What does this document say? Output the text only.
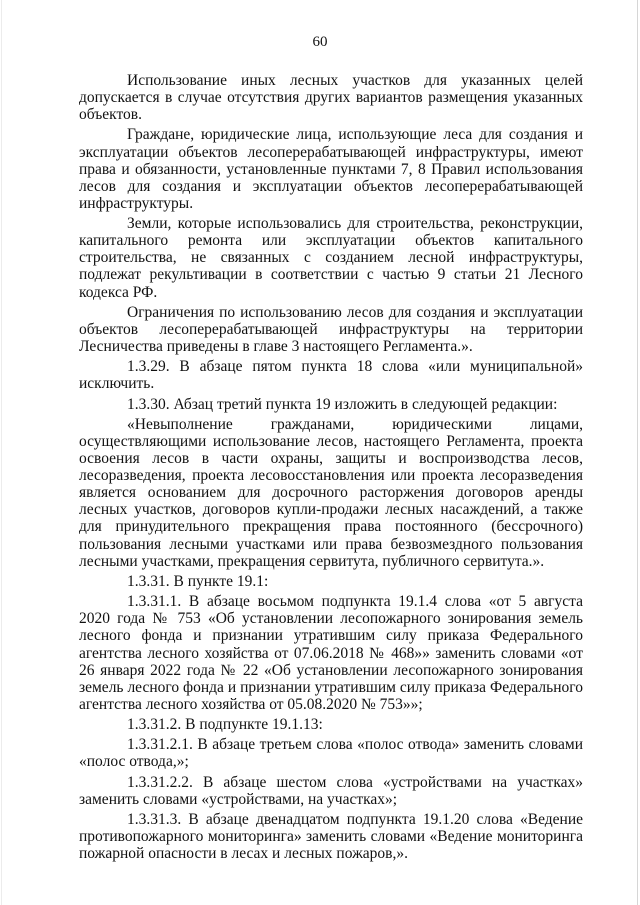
60

Использование иных лесных участков для указанных целей допускается в случае отсутствия других вариантов размещения указанных объектов.

Граждане, юридические лица, использующие леса для создания и эксплуатации объектов лесоперерабатывающей инфраструктуры, имеют права и обязанности, установленные пунктами 7, 8 Правил использования лесов для создания и эксплуатации объектов лесоперерабатывающей инфраструктуры.

Земли, которые использовались для строительства, реконструкции, капитального ремонта или эксплуатации объектов капитального строительства, не связанных с созданием лесной инфраструктуры, подлежат рекультивации в соответствии с частью 9 статьи 21 Лесного кодекса РФ.

Ограничения по использованию лесов для создания и эксплуатации объектов лесоперерабатывающей инфраструктуры на территории Лесничества приведены в главе 3 настоящего Регламента.».

1.3.29. В абзаце пятом пункта 18 слова «или муниципальной» исключить.

1.3.30. Абзац третий пункта 19 изложить в следующей редакции:

«Невыполнение гражданами, юридическими лицами, осуществляющими использование лесов, настоящего Регламента, проекта освоения лесов в части охраны, защиты и воспроизводства лесов, лесоразведения, проекта лесовосстановления или проекта лесоразведения является основанием для досрочного расторжения договоров аренды лесных участков, договоров купли-продажи лесных насаждений, а также для принудительного прекращения права постоянного (бессрочного) пользования лесными участками или права безвозмездного пользования лесными участками, прекращения сервитута, публичного сервитута.».

1.3.31. В пункте 19.1:

1.3.31.1. В абзаце восьмом подпункта 19.1.4 слова «от 5 августа 2020 года № 753 «Об установлении лесопожарного зонирования земель лесного фонда и признании утратившим силу приказа Федерального агентства лесного хозяйства от 07.06.2018 № 468»» заменить словами «от 26 января 2022 года № 22 «Об установлении лесопожарного зонирования земель лесного фонда и признании утратившим силу приказа Федерального агентства лесного хозяйства от 05.08.2020 № 753»»;

1.3.31.2. В подпункте 19.1.13:

1.3.31.2.1. В абзаце третьем слова «полос отвода» заменить словами «полос отвода,»;

1.3.31.2.2. В абзаце шестом слова «устройствами на участках» заменить словами «устройствами, на участках»;

1.3.31.3. В абзаце двенадцатом подпункта 19.1.20 слова «Ведение противопожарного мониторинга» заменить словами «Ведение мониторинга пожарной опасности в лесах и лесных пожаров,».
